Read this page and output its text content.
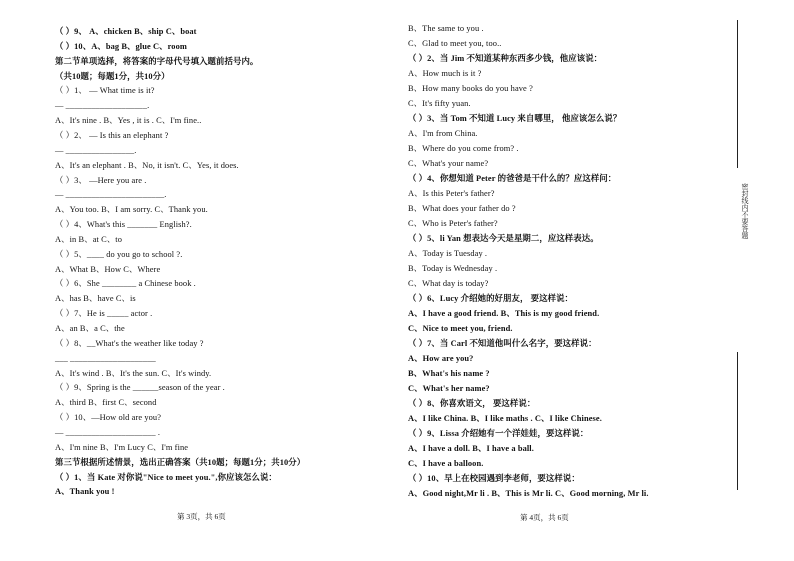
（ ）9、 A、chicken B、ship C、boat
（ ）10、A、bag B、glue C、room
第二节单项选择，将答案的字母代号填入题前括号内。
（共10题；每题1分，共10分）
（ ）1、 — What time is it?
— ___________________.
A、It's nine . B、Yes , it is . C、I'm fine..
（ ）2、 — Is this an elephant ?
— ________________.
A、It's an elephant . B、No, it isn't. C、Yes, it does.
（ ）3、 —Here you are .
— _______________________.
A、You too. B、I am sorry. C、Thank you.
（ ）4、What's this _______ English?.
A、in B、at C、to
（ ）5、____ do you go to school ?.
A、What B、How C、Where
（ ）6、She ________ a Chinese book .
A、has B、have C、is
（ ）7、He is _____ actor .
A、an B、a C、the
（ ）8、__What's the weather like today ?
___ ____________________
A、It's wind . B、It's the sun. C、It's windy.
（ ）9、Spring is the ______season of the year .
A、third B、first C、second
（ ）10、—How old are you?
— _____________________ .
A、I'm nine B、I'm Lucy C、I'm fine
第三节根据所述情景，选出正确答案（共10题；每题1分；共10分）
（ ）1、当 Kate 对你说"Nice to meet you.",你应该怎么说：
A、Thank you !
B、The same to you .
C、Glad to meet you, too..
（ ）2、当 Jim 不知道某种东西多少钱，他应该说：
A、How much is it ?
B、How many books do you have ?
C、It's fifty yuan.
（ ）3、当 Tom 不知道 Lucy 来自哪里， 他应该怎么说？
A、I'm from China.
B、Where do you come from? .
C、What's your name?
（ ）4、你想知道 Peter 的爸爸是干什么的？应这样问：
A、Is this Peter's father?
B、What does your father do ?
C、Who is Peter's father?
（ ）5、li Yan 想表达今天是星期二，应这样表达。
A、Today is Tuesday .
B、Today is Wednesday .
C、What day is today?
（ ）6、Lucy 介绍她的好朋友， 要这样说：
A、I have a good friend. B、This is my good friend.
C、Nice to meet you, friend.
（ ）7、当 Carl 不知道他叫什么名字，要这样说：
A、How are you?
B、What's his name ?
C、What's her name?
（ ）8、你喜欢语文， 要这样说：
A、I like China. B、I like maths . C、I like Chinese.
（ ）9、Lissa 介绍她有一个洋娃娃，要这样说：
A、I have a doll. B、I have a ball.
C、I have a balloon.
（ ）10、早上在校园遇到李老师，要这样说：
A、Good night,Mr li . B、This is Mr li. C、Good morning, Mr li.
第 3页，共 6页	第 4页，共 6页
密封线内不要答题
